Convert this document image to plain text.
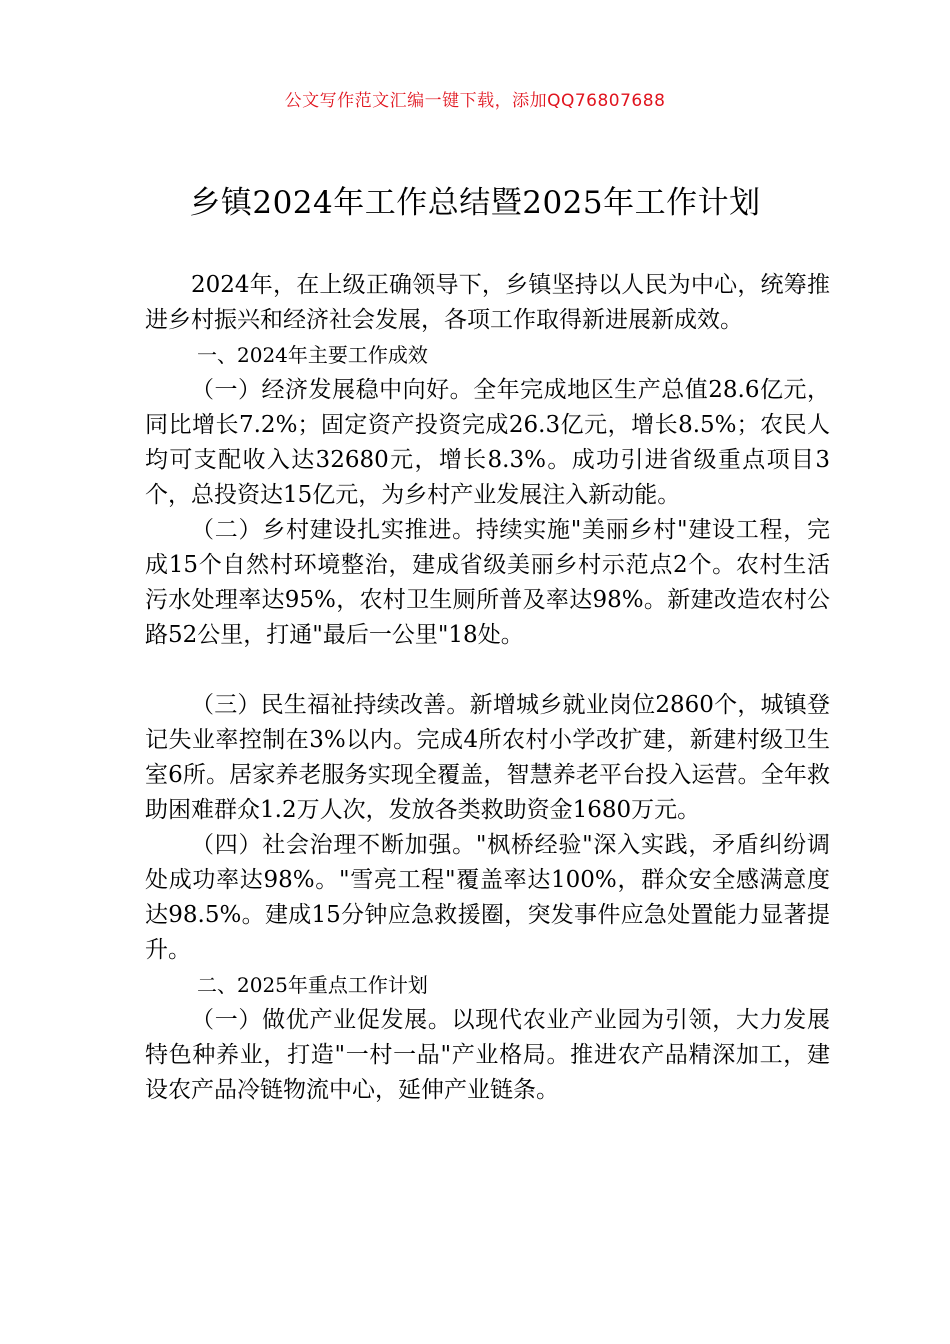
公文写作范文汇编一键下载，添加QQ76807688
乡镇2024年工作总结暨2025年工作计划

2024年，在上级正确领导下，乡镇坚持以人民为中心，统筹推进乡村振兴和经济社会发展，各项工作取得新进展新成效。

一、2024年主要工作成效

（一）经济发展稳中向好。全年完成地区生产总值28.6亿元，同比增长7.2%；固定资产投资完成26.3亿元，增长8.5%；农民人均可支配收入达32680元，增长8.3%。成功引进省级重点项目3个，总投资达15亿元，为乡村产业发展注入新动能。

（二）乡村建设扎实推进。持续实施"美丽乡村"建设工程，完成15个自然村环境整治，建成省级美丽乡村示范点2个。农村生活污水处理率达95%，农村卫生厕所普及率达98%。新建改造农村公路52公里，打通"最后一公里"18处。

（三）民生福祉持续改善。新增城乡就业岗位2860个，城镇登记失业率控制在3%以内。完成4所农村小学改扩建，新建村级卫生室6所。居家养老服务实现全覆盖，智慧养老平台投入运营。全年救助困难群众1.2万人次，发放各类救助资金1680万元。

（四）社会治理不断加强。"枫桥经验"深入实践，矛盾纠纷调处成功率达98%。"雪亮工程"覆盖率达100%，群众安全感满意度达98.5%。建成15分钟应急救援圈，突发事件应急处置能力显著提升。

二、2025年重点工作计划

（一）做优产业促发展。以现代农业产业园为引领，大力发展特色种养业，打造"一村一品"产业格局。推进农产品精深加工，建设农产品冷链物流中心，延伸产业链条。
